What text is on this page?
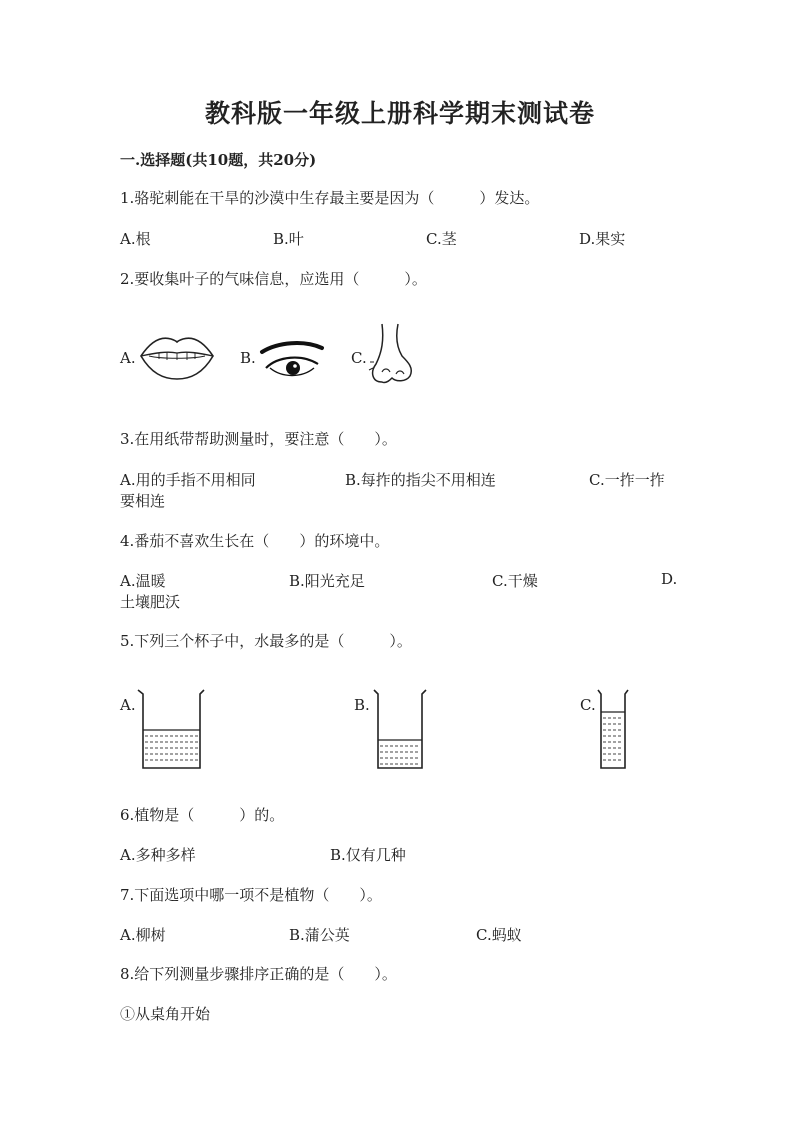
教科版一年级上册科学期末测试卷
一.选择题(共10题，共20分)
1.骆驼刺能在干旱的沙漠中生存最主要是因为（　　　）发达。
A.根	B.叶	C.茎	D.果实
2.要收集叶子的气味信息，应选用（　　　）。
A.	B.	C.
3.在用纸带帮助测量时，要注意（　　）。
A.用的手指不用相同	B.每拃的指尖不用相连	C.一拃一拃
要相连
4.番茄不喜欢生长在（　　）的环境中。
A.温暖	B.阳光充足	C.干燥	D.
土壤肥沃
5.下列三个杯子中，水最多的是（　　　）。
A.	B.	C.
6.植物是（　　　）的。
A.多种多样	B.仅有几种
7.下面选项中哪一项不是植物（　　）。
A.柳树	B.蒲公英	C.蚂蚁
8.给下列测量步骤排序正确的是（　　）。
①从桌角开始
